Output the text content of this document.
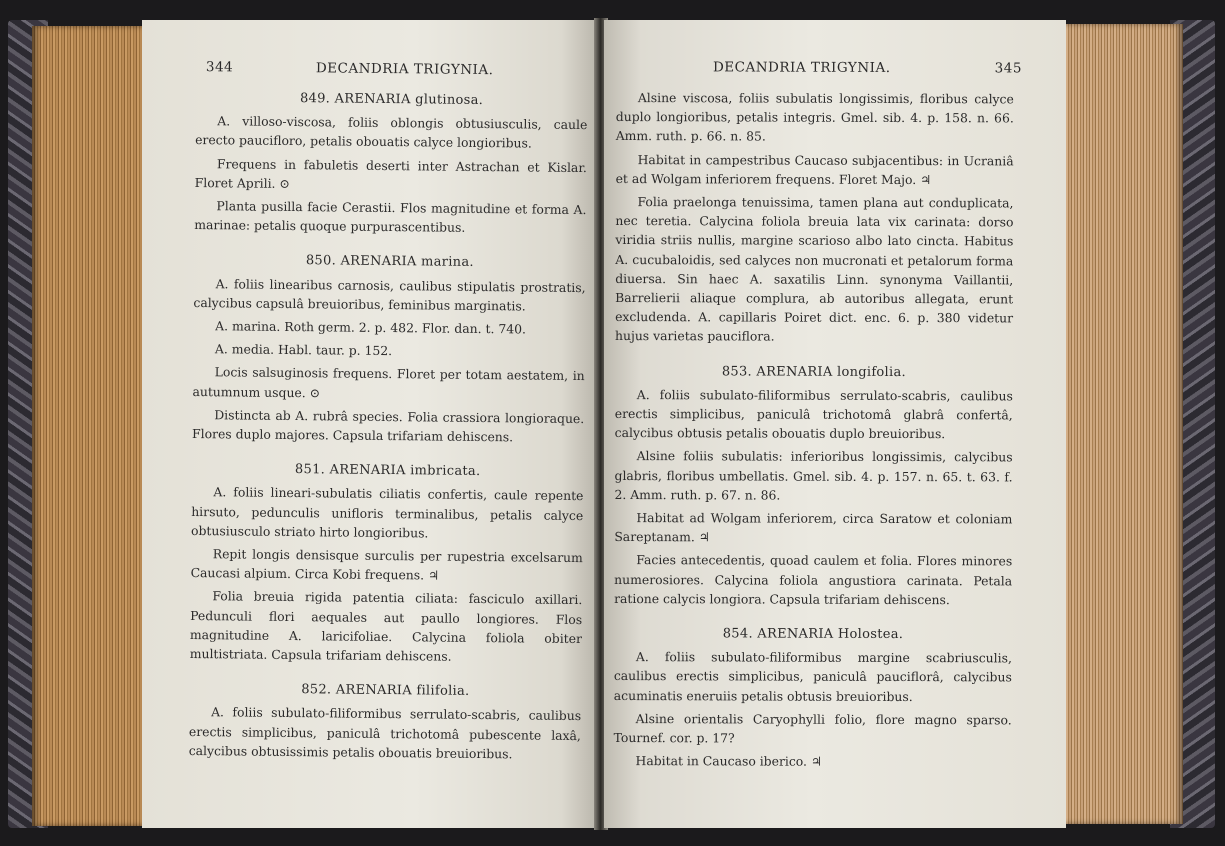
344	DECANDRIA TRIGYNIA.
849. ARENARIA glutinosa.

A. villoso-viscosa, foliis oblongis obtusiusculis, caule erecto paucifloro, petalis obouatis calyce longioribus.

Frequens in fabuletis deserti inter Astrachan et Kislar. Floret Aprili. ⊙

Planta pusilla facie Cerastii. Flos magnitudine et forma A. marinae: petalis quoque purpurascentibus.

850. ARENARIA marina.

A. foliis linearibus carnosis, caulibus stipulatis prostratis, calycibus capsulâ breuioribus, feminibus marginatis.

A. marina. Roth germ. 2. p. 482. Flor. dan. t. 740.

A. media. Habl. taur. p. 152.

Locis salsuginosis frequens. Floret per totam aestatem, in autumnum usque. ⊙

Distincta ab A. rubrâ species. Folia crassiora longioraque. Flores duplo majores. Capsula trifariam dehiscens.

851. ARENARIA imbricata.

A. foliis lineari-subulatis ciliatis confertis, caule repente hirsuto, pedunculis unifloris terminalibus, petalis calyce obtusiusculo striato hirto longioribus.

Repit longis densisque surculis per rupestria excelsarum Caucasi alpium. Circa Kobi frequens. ♃

Folia breuia rigida patentia ciliata: fasciculo axillari. Pedunculi flori aequales aut paullo longiores. Flos magnitudine A. laricifoliae. Calycina foliola obiter multistriata. Capsula trifariam dehiscens.

852. ARENARIA filifolia.

A. foliis subulato-filiformibus serrulato-scabris, caulibus erectis simplicibus, paniculâ trichotomâ pubescente laxâ, calycibus obtusissimis petalis obouatis breuioribus.

DECANDRIA TRIGYNIA.	345

Alsine viscosa, foliis subulatis longissimis, floribus calyce duplo longioribus, petalis integris. Gmel. sib. 4. p. 158. n. 66. Amm. ruth. p. 66. n. 85.

Habitat in campestribus Caucaso subjacentibus: in Ucraniâ et ad Wolgam inferiorem frequens. Floret Majo. ♃

Folia praelonga tenuissima, tamen plana aut conduplicata, nec teretia. Calycina foliola breuia lata vix carinata: dorso viridia striis nullis, margine scarioso albo lato cincta. Habitus A. cucubaloidis, sed calyces non mucronati et petalorum forma diuersa. Sin haec A. saxatilis Linn. synonyma Vaillantii, Barrelierii aliaque complura, ab autoribus allegata, erunt excludenda. A. capillaris Poiret dict. enc. 6. p. 380 videtur hujus varietas pauciflora.

853. ARENARIA longifolia.

A. foliis subulato-filiformibus serrulato-scabris, caulibus erectis simplicibus, paniculâ trichotomâ glabrâ confertâ, calycibus obtusis petalis obouatis duplo breuioribus.

Alsine foliis subulatis: inferioribus longissimis, calycibus glabris, floribus umbellatis. Gmel. sib. 4. p. 157. n. 65. t. 63. f. 2. Amm. ruth. p. 67. n. 86.

Habitat ad Wolgam inferiorem, circa Saratow et coloniam Sareptanam. ♃

Facies antecedentis, quoad caulem et folia. Flores minores numerosiores. Calycina foliola angustiora carinata. Petala ratione calycis longiora. Capsula trifariam dehiscens.

854. ARENARIA Holostea.

A. foliis subulato-filiformibus margine scabriusculis, caulibus erectis simplicibus, paniculâ pauciflorâ, calycibus acuminatis eneruiis petalis obtusis breuioribus.

Alsine orientalis Caryophylli folio, flore magno sparso. Tournef. cor. p. 17?

Habitat in Caucaso iberico. ♃
